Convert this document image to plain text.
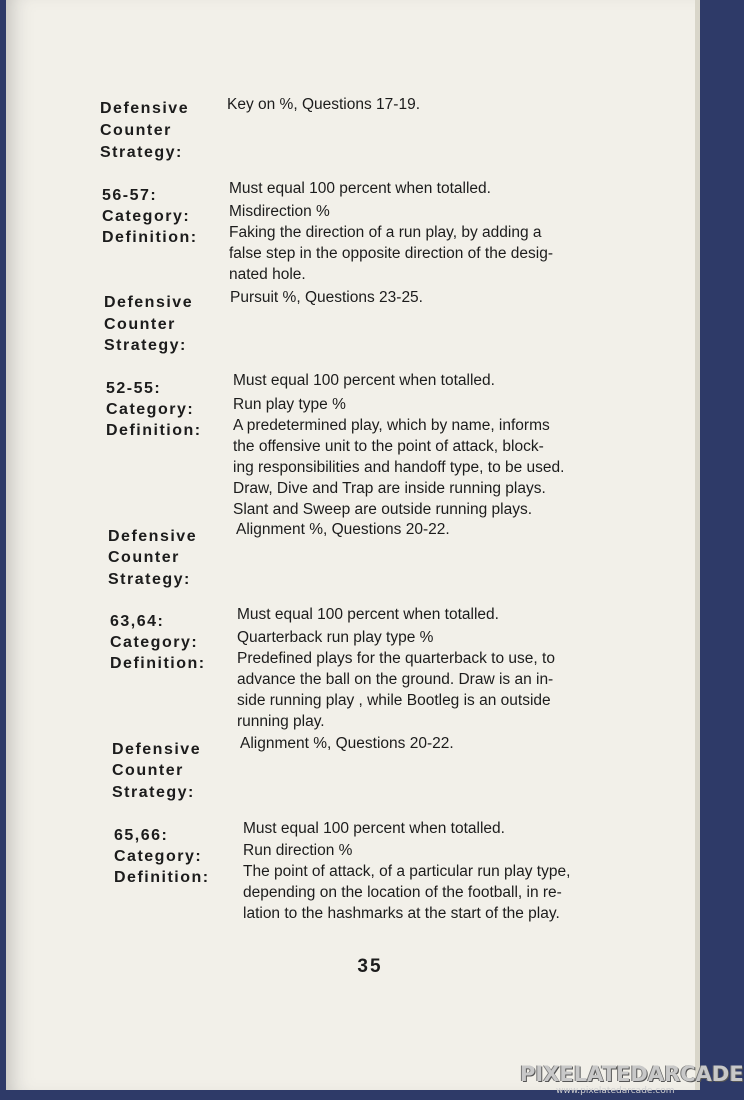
Defensive
Counter
Strategy:
Key on %, Questions 17-19.
56-57:
Category:
Definition:
Must equal 100 percent when totalled.
Misdirection %
Faking the direction of a run play, by adding a
false step in the opposite direction of the desig-
nated hole.
Defensive
Counter
Strategy:
Pursuit %, Questions 23-25.
52-55:
Category:
Definition:
Must equal 100 percent when totalled.
Run play type %
A predetermined play, which by name, informs
the offensive unit to the point of attack, block-
ing responsibilities and handoff type, to be used.
Draw, Dive and Trap are inside running plays.
Slant and Sweep are outside running plays.
Defensive
Counter
Strategy:
Alignment %, Questions 20-22.
63,64:
Category:
Definition:
Must equal 100 percent when totalled.
Quarterback run play type %
Predefined plays for the quarterback to use, to
advance the ball on the ground. Draw is an in-
side running play , while Bootleg is an outside
running play.
Defensive
Counter
Strategy:
Alignment %, Questions 20-22.
65,66:
Category:
Definition:
Must equal 100 percent when totalled.
Run direction %
The point of attack, of a particular run play type,
depending on the location of the football, in re-
lation to the hashmarks at the start of the play.
35
PIXELATEDARCADE
www.pixelatedarcade.com
